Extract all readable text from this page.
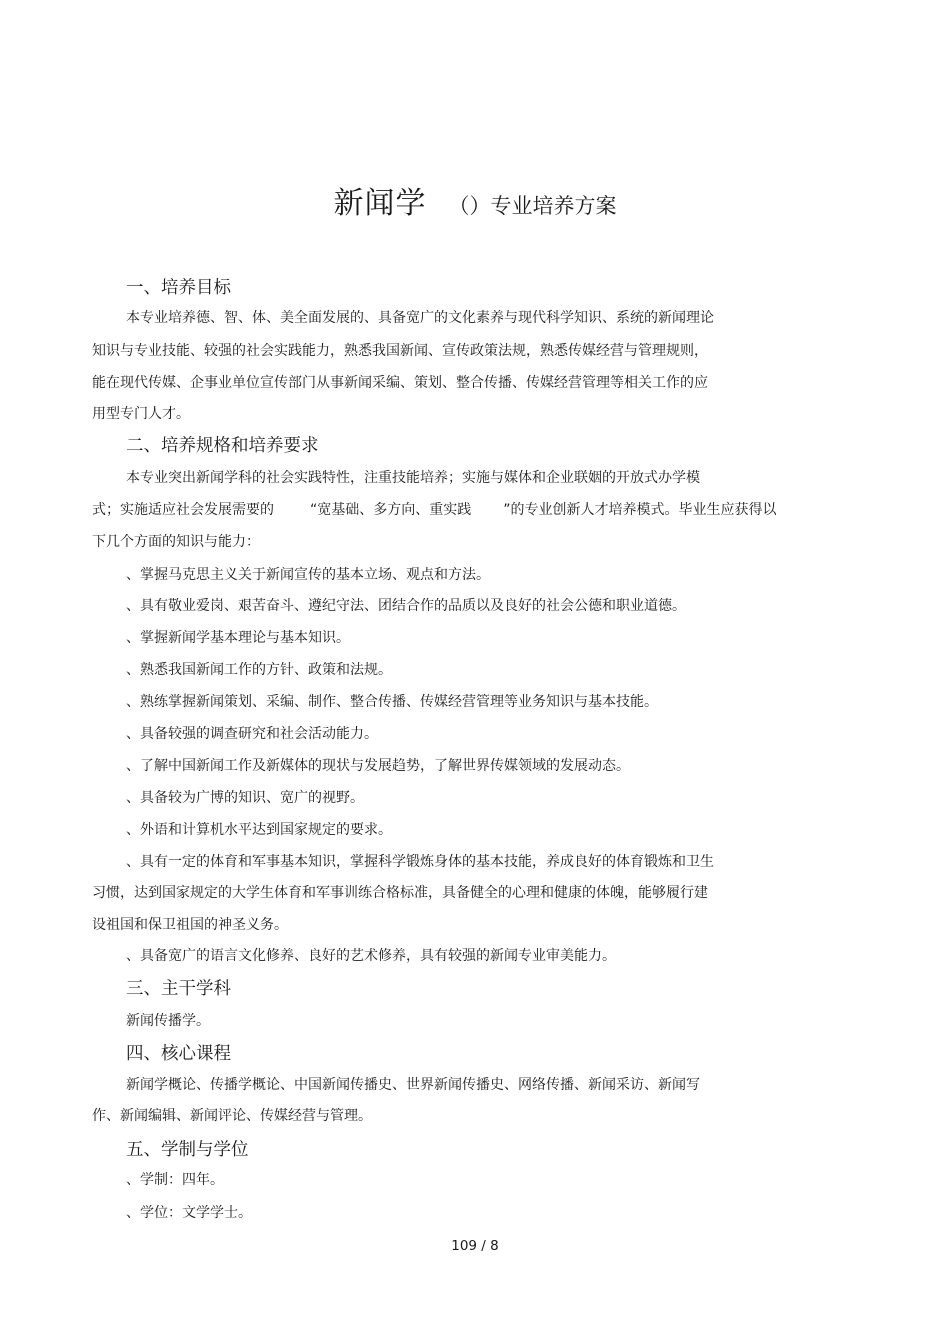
新闻学 （）专业培养方案
一、培养目标
本专业培养德、智、体、美全面发展的、具备宽广的文化素养与现代科学知识、系统的新闻理论
知识与专业技能、较强的社会实践能力，熟悉我国新闻、宣传政策法规，熟悉传媒经营与管理规则，
能在现代传媒、企事业单位宣传部门从事新闻采编、策划、整合传播、传媒经营管理等相关工作的应
用型专门人才。
二、培养规格和培养要求
本专业突出新闻学科的社会实践特性，注重技能培养；实施与媒体和企业联姻的开放式办学模
式；实施适应社会发展需要的	“宽基础、多方向、重实践 ”的专业创新人才培养模式。毕业生应获得以
下几个方面的知识与能力：
、掌握马克思主义关于新闻宣传的基本立场、观点和方法。
、具有敬业爱岗、艰苦奋斗、遵纪守法、团结合作的品质以及良好的社会公德和职业道德。
、掌握新闻学基本理论与基本知识。
、熟悉我国新闻工作的方针、政策和法规。
、熟练掌握新闻策划、采编、制作、整合传播、传媒经营管理等业务知识与基本技能。
、具备较强的调查研究和社会活动能力。
、了解中国新闻工作及新媒体的现状与发展趋势，了解世界传媒领域的发展动态。
、具备较为广博的知识、宽广的视野。
、外语和计算机水平达到国家规定的要求。
、具有一定的体育和军事基本知识，掌握科学锻炼身体的基本技能，养成良好的体育锻炼和卫生
习惯，达到国家规定的大学生体育和军事训练合格标准，具备健全的心理和健康的体魄，能够履行建
设祖国和保卫祖国的神圣义务。
、具备宽广的语言文化修养、良好的艺术修养，具有较强的新闻专业审美能力。
三、主干学科
新闻传播学。
四、核心课程
新闻学概论、传播学概论、中国新闻传播史、世界新闻传播史、网络传播、新闻采访、新闻写
作、新闻编辑、新闻评论、传媒经营与管理。
五、学制与学位
、学制：四年。
、学位：文学学士。
109 / 8
